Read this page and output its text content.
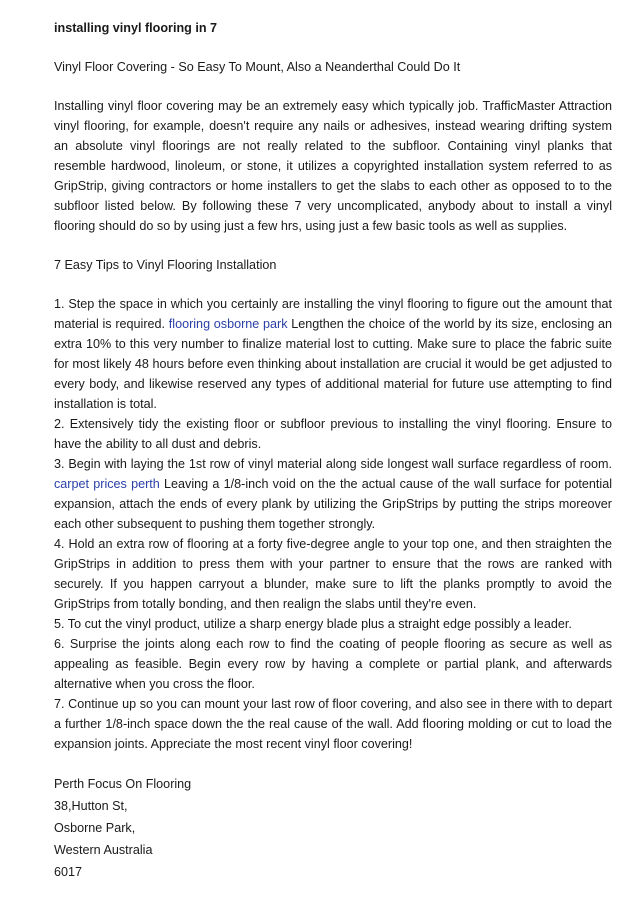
installing vinyl flooring in 7
Vinyl Floor Covering - So Easy To Mount, Also a Neanderthal Could Do It

Installing vinyl floor covering may be an extremely easy which typically job. TrafficMaster Attraction vinyl flooring, for example, doesn't require any nails or adhesives, instead wearing drifting system an absolute vinyl floorings are not really related to the subfloor. Containing vinyl planks that resemble hardwood, linoleum, or stone, it utilizes a copyrighted installation system referred to as GripStrip, giving contractors or home installers to get the slabs to each other as opposed to to the subfloor listed below. By following these 7 very uncomplicated, anybody about to install a vinyl flooring should do so by using just a few hrs, using just a few basic tools as well as supplies.

7 Easy Tips to Vinyl Flooring Installation

1. Step the space in which you certainly are installing the vinyl flooring to figure out the amount that material is required. flooring osborne park Lengthen the choice of the world by its size, enclosing an extra 10% to this very number to finalize material lost to cutting. Make sure to place the fabric suite for most likely 48 hours before even thinking about installation are crucial it would be get adjusted to every body, and likewise reserved any types of additional material for future use attempting to find installation is total.

2. Extensively tidy the existing floor or subfloor previous to installing the vinyl flooring. Ensure to have the ability to all dust and debris.

3. Begin with laying the 1st row of vinyl material along side longest wall surface regardless of room. carpet prices perth Leaving a 1/8-inch void on the the actual cause of the wall surface for potential expansion, attach the ends of every plank by utilizing the GripStrips by putting the strips moreover each other subsequent to pushing them together strongly.

4. Hold an extra row of flooring at a forty five-degree angle to your top one, and then straighten the GripStrips in addition to press them with your partner to ensure that the rows are ranked with securely. If you happen carryout a blunder, make sure to lift the planks promptly to avoid the GripStrips from totally bonding, and then realign the slabs until they're even.

5. To cut the vinyl product, utilize a sharp energy blade plus a straight edge possibly a leader.

6. Surprise the joints along each row to find the coating of people flooring as secure as well as appealing as feasible. Begin every row by having a complete or partial plank, and afterwards alternative when you cross the floor.

7. Continue up so you can mount your last row of floor covering, and also see in there with to depart a further 1/8-inch space down the the real cause of the wall. Add flooring molding or cut to load the expansion joints. Appreciate the most recent vinyl floor covering!

Perth Focus On Flooring
38,Hutton St,
Osborne Park,
Western Australia
6017
